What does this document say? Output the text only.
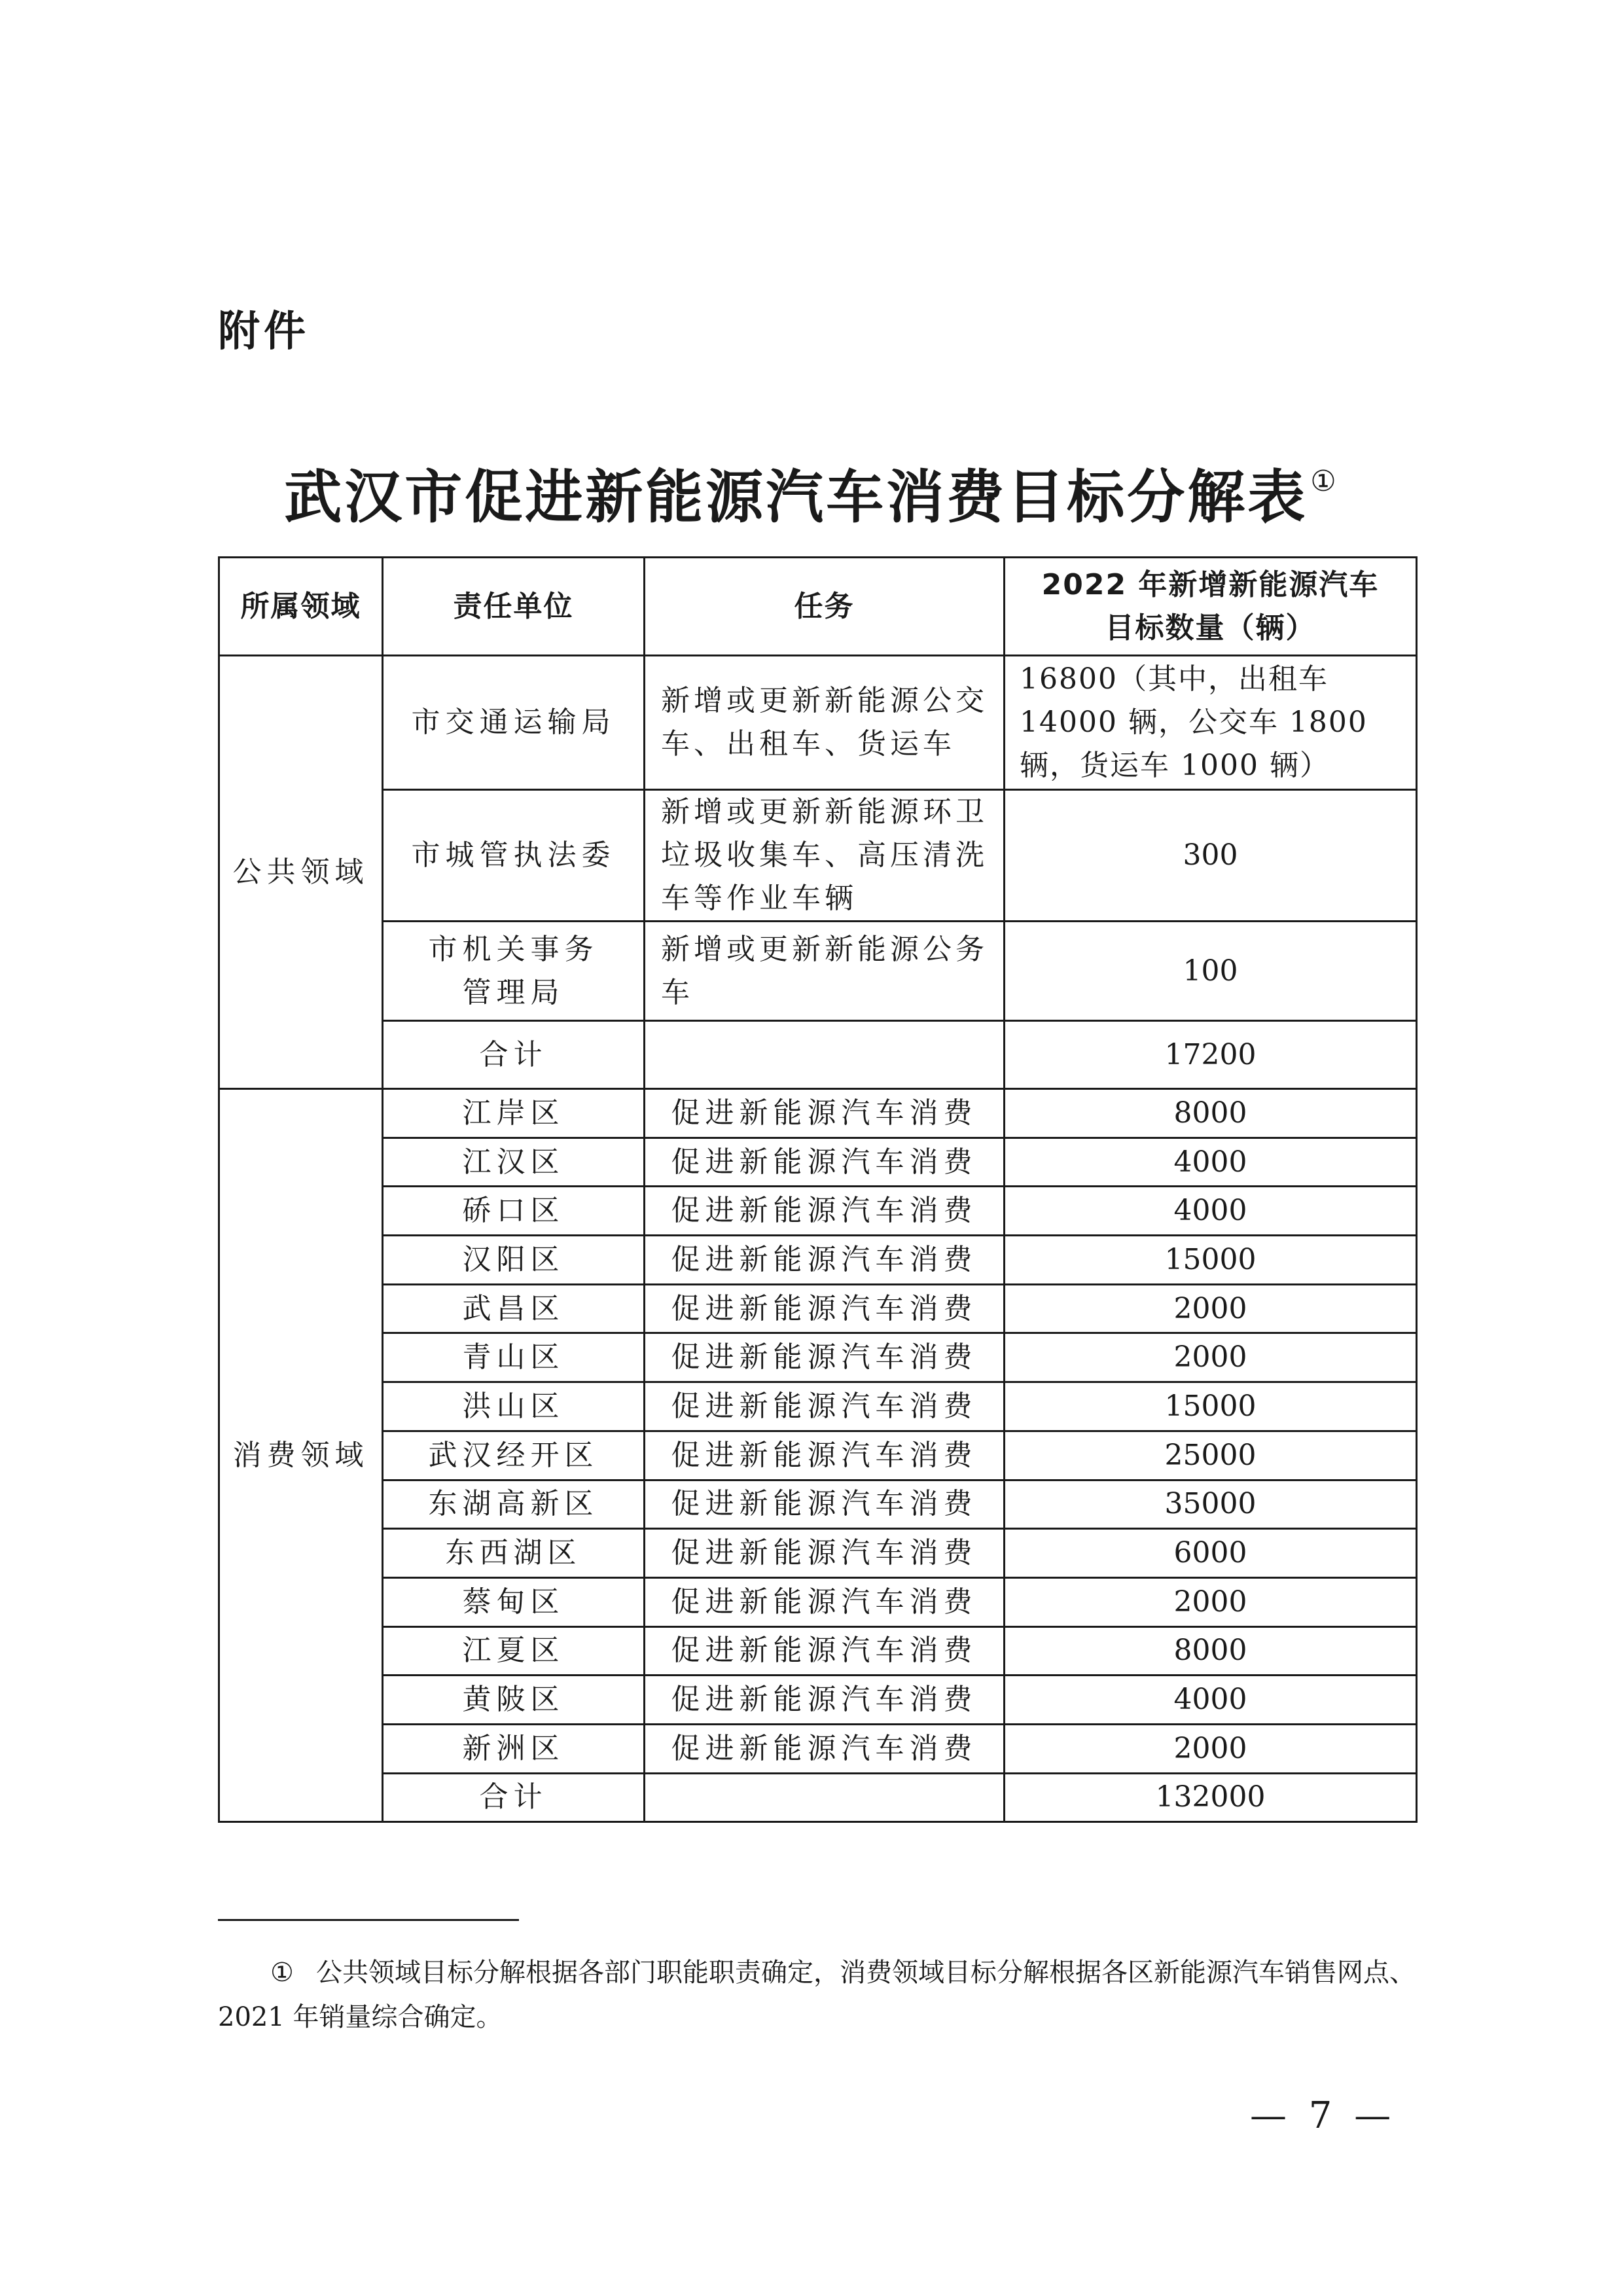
附件
武汉市促进新能源汽车消费目标分解表①
所属领域	责任单位	任务	2022 年新增新能源汽车目标数量（辆）
公共领域	市交通运输局	新增或更新新能源公交车、出租车、货运车	16800（其中，出租车14000 辆，公交车 1800 辆，货运车 1000 辆）
	市城管执法委	新增或更新新能源环卫垃圾收集车、高压清洗车等作业车辆	300
	市机关事务管理局	新增或更新新能源公务车	100
	合计		17200
消费领域	江岸区	促进新能源汽车消费	8000
	江汉区	促进新能源汽车消费	4000
	硚口区	促进新能源汽车消费	4000
	汉阳区	促进新能源汽车消费	15000
	武昌区	促进新能源汽车消费	2000
	青山区	促进新能源汽车消费	2000
	洪山区	促进新能源汽车消费	15000
	武汉经开区	促进新能源汽车消费	25000
	东湖高新区	促进新能源汽车消费	35000
	东西湖区	促进新能源汽车消费	6000
	蔡甸区	促进新能源汽车消费	2000
	江夏区	促进新能源汽车消费	8000
	黄陂区	促进新能源汽车消费	4000
	新洲区	促进新能源汽车消费	2000
	合计		132000
① 公共领域目标分解根据各部门职能职责确定，消费领域目标分解根据各区新能源汽车销售网点、2021 年销量综合确定。
— 7 —
